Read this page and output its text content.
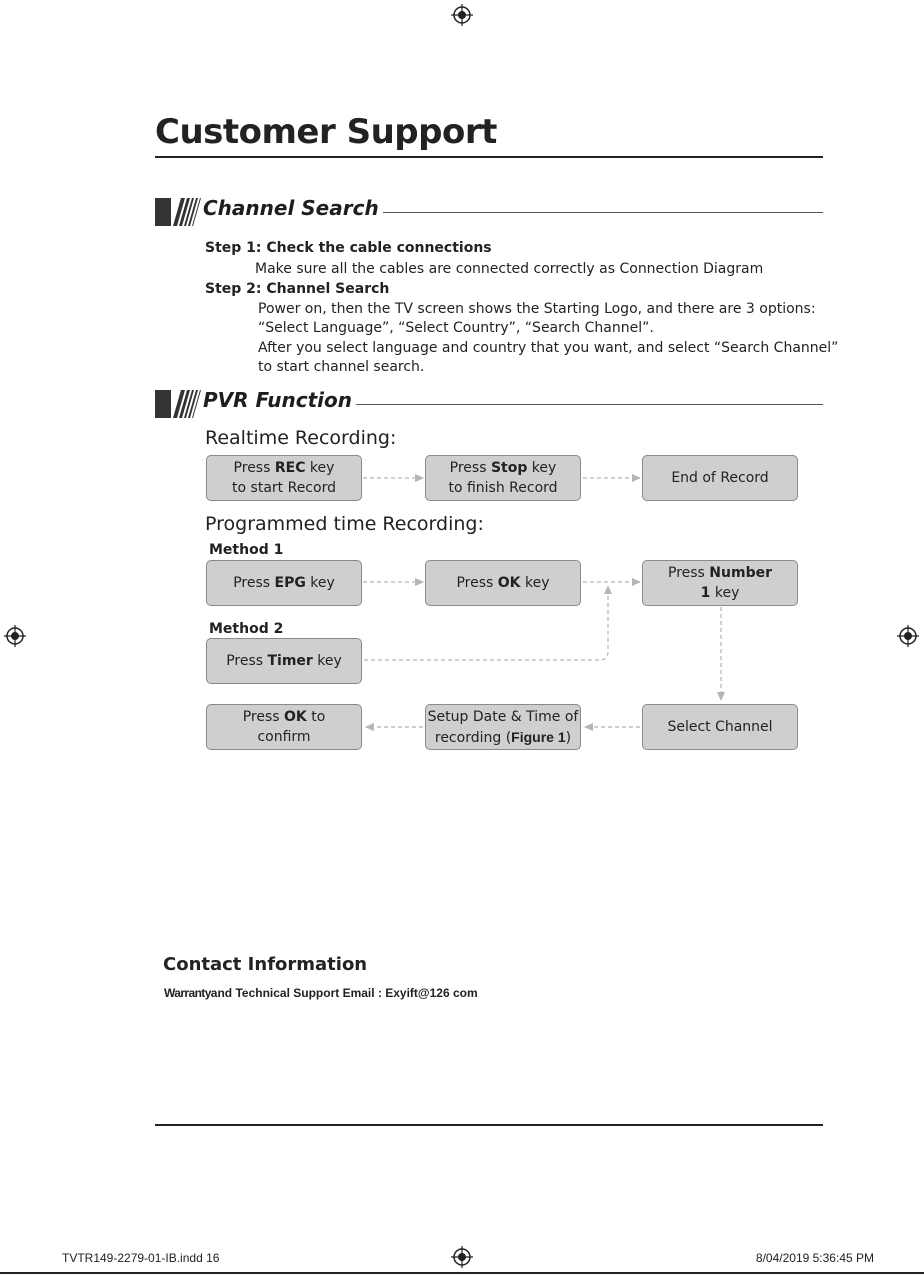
Customer Support
Channel Search
Step 1: Check the cable connections
Make sure all the cables are connected correctly as Connection Diagram
Step 2: Channel Search
Power on, then the TV screen shows the Starting Logo, and there are 3 options:
“Select Language”, “Select Country”, “Search Channel”.
After you select language and country that you want, and select “Search Channel”
to start channel search.
PVR Function
Realtime Recording:
Press REC key
to start Record
Press Stop key
to finish Record
End of Record
Programmed time Recording:
Method 1
Press EPG key	Press OK key
Press Number
1 key
Method 2
Press Timer key
Press OK to
confirm
Setup Date & Time of
recording (Figure 1)
Select Channel
Contact Information
Warrantyand Technical Support Email : Exyift@126 com
TVTR149-2279-01-IB.indd 16	8/04/2019 5:36:45 PM
